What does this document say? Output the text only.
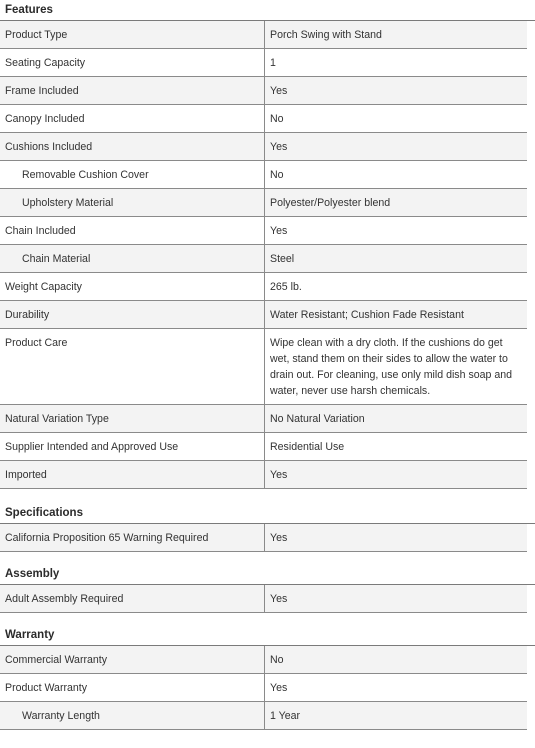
Features
Product Type	Porch Swing with Stand
Seating Capacity	1
Frame Included	Yes
Canopy Included	No
Cushions Included	Yes
Removable Cushion Cover	No
Upholstery Material	Polyester/Polyester blend
Chain Included	Yes
Chain Material	Steel
Weight Capacity	265 lb.
Durability	Water Resistant; Cushion Fade Resistant
Product Care	Wipe clean with a dry cloth. If the cushions do get wet, stand them on their sides to allow the water to drain out. For cleaning, use only mild dish soap and water, never use harsh chemicals.
Natural Variation Type	No Natural Variation
Supplier Intended and Approved Use	Residential Use
Imported	Yes
Specifications
California Proposition 65 Warning Required	Yes
Assembly
Adult Assembly Required	Yes
Warranty
Commercial Warranty	No
Product Warranty	Yes
Warranty Length	1 Year
